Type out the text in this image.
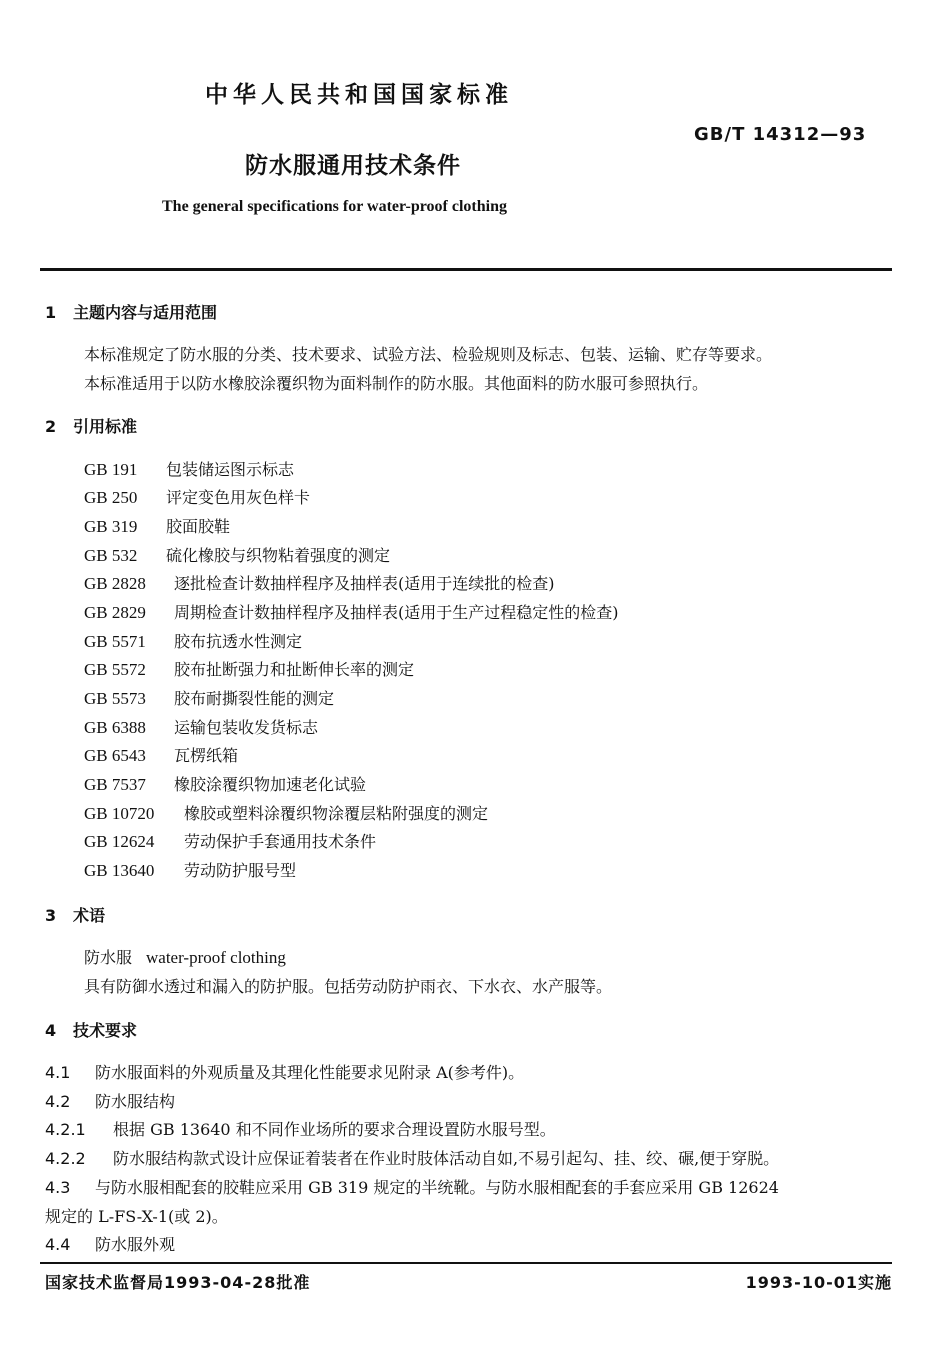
中华人民共和国国家标准
GB/T 14312—93
防水服通用技术条件
The general specifications for water-proof clothing
1 主题内容与适用范围
本标准规定了防水服的分类、技术要求、试验方法、检验规则及标志、包装、运输、贮存等要求。
本标准适用于以防水橡胶涂覆织物为面料制作的防水服。其他面料的防水服可参照执行。
2 引用标准
GB 191 包装储运图示标志
GB 250 评定变色用灰色样卡
GB 319 胶面胶鞋
GB 532 硫化橡胶与织物粘着强度的测定
GB 2828 逐批检查计数抽样程序及抽样表(适用于连续批的检查)
GB 2829 周期检查计数抽样程序及抽样表(适用于生产过程稳定性的检查)
GB 5571 胶布抗透水性测定
GB 5572 胶布扯断强力和扯断伸长率的测定
GB 5573 胶布耐撕裂性能的测定
GB 6388 运输包装收发货标志
GB 6543 瓦楞纸箱
GB 7537 橡胶涂覆织物加速老化试验
GB 10720 橡胶或塑料涂覆织物涂覆层粘附强度的测定
GB 12624 劳动保护手套通用技术条件
GB 13640 劳动防护服号型
3 术语
防水服 water-proof clothing
具有防御水透过和漏入的防护服。包括劳动防护雨衣、下水衣、水产服等。
4 技术要求
4.1 防水服面料的外观质量及其理化性能要求见附录 A(参考件)。
4.2 防水服结构
4.2.1 根据 GB 13640 和不同作业场所的要求合理设置防水服号型。
4.2.2 防水服结构款式设计应保证着装者在作业时肢体活动自如,不易引起勾、挂、绞、碾,便于穿脱。
4.3 与防水服相配套的胶鞋应采用 GB 319 规定的半统靴。与防水服相配套的手套应采用 GB 12624
规定的 L-FS-X-1(或 2)。
4.4 防水服外观
国家技术监督局1993-04-28批准	1993-10-01实施
